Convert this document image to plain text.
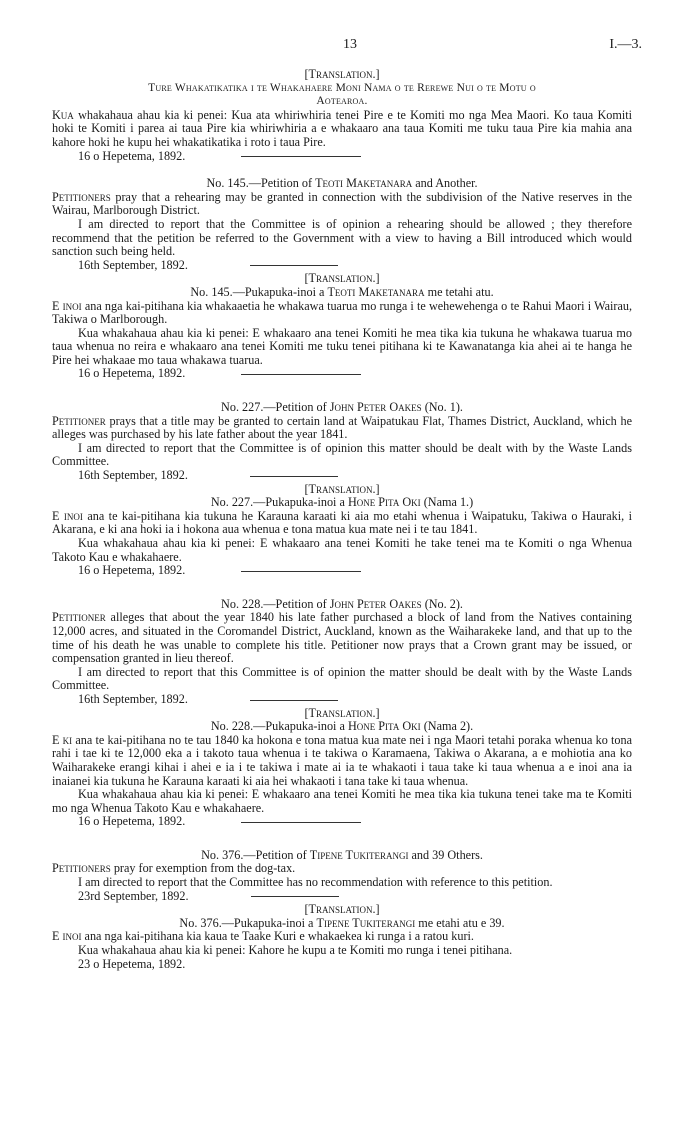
13	I.—3.
[Translation.]
Ture Whakatikatika i te Whakahaere Moni Nama o te Rerewe Nui o te Motu o
Aotearoa.

Kua whakahaua ahau kia ki penei: Kua ata whiriwhiria tenei Pire e te Komiti mo nga Mea Maori. Ko taua Komiti hoki te Komiti i parea ai taua Pire kia whiriwhiria a e whakaaro ana taua Komiti me tuku taua Pire kia mahia ana kahore hoki he kupu hei whakatikatika i roto i taua Pire.

16 o Hepetema, 1892.
No. 145.—Petition of Teoti Maketanara and Another.

Petitioners pray that a rehearing may be granted in connection with the subdivision of the Native reserves in the Wairau, Marlborough District.

I am directed to report that the Committee is of opinion a rehearing should be allowed ; they therefore recommend that the petition be referred to the Government with a view to having a Bill introduced which would sanction such being held.

16th September, 1892.
[Translation.]
No. 145.—Pukapuka-inoi a Teoti Maketanara me tetahi atu.

E inoi ana nga kai-pitihana kia whakaaetia he whakawa tuarua mo runga i te wehewehenga o te Rahui Maori i Wairau, Takiwa o Marlborough.

Kua whakahaua ahau kia ki penei: E whakaaro ana tenei Komiti he mea tika kia tukuna he whakawa tuarua mo taua whenua no reira e whakaaro ana tenei Komiti me tuku tenei pitihana ki te Kawanatanga kia ahei ai te hanga he Pire hei whakaae mo taua whakawa tuarua.

16 o Hepetema, 1892.
No. 227.—Petition of John Peter Oakes (No. 1).

Petitioner prays that a title may be granted to certain land at Waipatukau Flat, Thames District, Auckland, which he alleges was purchased by his late father about the year 1841.

I am directed to report that the Committee is of opinion this matter should be dealt with by the Waste Lands Committee.

16th September, 1892.
[Translation.]
No. 227.—Pukapuka-inoi a Hone Pita Oki (Nama 1.)

E inoi ana te kai-pitihana kia tukuna he Karauna karaati ki aia mo etahi whenua i Waipatuku, Takiwa o Hauraki, i Akarana, e ki ana hoki ia i hokona aua whenua e tona matua kua mate nei i te tau 1841.

Kua whakahaua ahau kia ki penei: E whakaaro ana tenei Komiti he take tenei ma te Komiti o nga Whenua Takoto Kau e whakahaere.

16 o Hepetema, 1892.
No. 228.—Petition of John Peter Oakes (No. 2).

Petitioner alleges that about the year 1840 his late father purchased a block of land from the Natives containing 12,000 acres, and situated in the Coromandel District, Auckland, known as the Waiharakeke land, and that up to the time of his death he was unable to complete his title. Petitioner now prays that a Crown grant may be issued, or compensation granted in lieu thereof.

I am directed to report that this Committee is of opinion the matter should be dealt with by the Waste Lands Committee.

16th September, 1892.
[Translation.]
No. 228.—Pukapuka-inoi a Hone Pita Oki (Nama 2).

E ki ana te kai-pitihana no te tau 1840 ka hokona e tona matua kua mate nei i nga Maori tetahi poraka whenua ko tona rahi i tae ki te 12,000 eka a i takoto taua whenua i te takiwa o Karamaena, Takiwa o Akarana, a e mohiotia ana ko Waiharakeke erangi kihai i ahei e ia i te takiwa i mate ai ia te whakaoti i taua take ki taua whenua a e inoi ana ia inaianei kia tukuna he Karauna karaati ki aia hei whakaoti i tana take ki taua whenua.

Kua whakahaua ahau kia ki penei: E whakaaro ana tenei Komiti he mea tika kia tukuna tenei take ma te Komiti mo nga Whenua Takoto Kau e whakahaere.

16 o Hepetema, 1892.
No. 376.—Petition of Tipene Tukiterangi and 39 Others.

Petitioners pray for exemption from the dog-tax.

I am directed to report that the Committee has no recommendation with reference to this petition.

23rd September, 1892.
[Translation.]
No. 376.—Pukapuka-inoi a Tipene Tukiterangi me etahi atu e 39.

E inoi ana nga kai-pitihana kia kaua te Taake Kuri e whakaekea ki runga i a ratou kuri.

Kua whakahaua ahau kia ki penei: Kahore he kupu a te Komiti mo runga i tenei pitihana.

23 o Hepetema, 1892.
